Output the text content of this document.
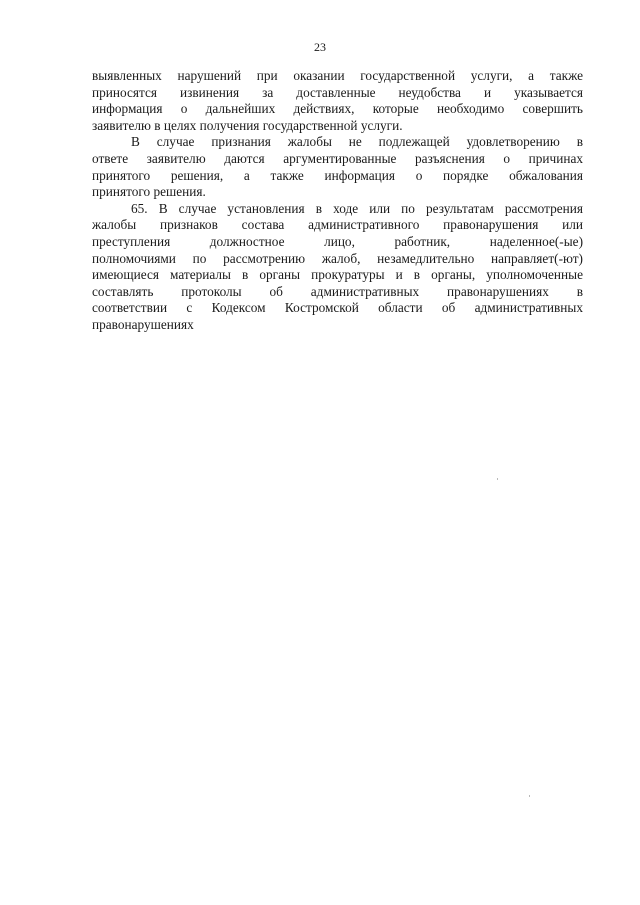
23

выявленных нарушений при оказании государственной услуги, а также
приносятся извинения за доставленные неудобства и указывается
информация о дальнейших действиях, которые необходимо совершить
заявителю в целях получения государственной услуги.

В случае признания жалобы не подлежащей удовлетворению в
ответе заявителю даются аргументированные разъяснения о причинах
принятого решения, а также информация о порядке обжалования
принятого решения.

65. В случае установления в ходе или по результатам рассмотрения
жалобы признаков состава административного правонарушения или
преступления должностное лицо, работник, наделенное(-ые)
полномочиями по рассмотрению жалоб, незамедлительно направляет(-ют)
имеющиеся материалы в органы прокуратуры и в органы, уполномоченные
составлять протоколы об административных правонарушениях в
соответствии с Кодексом Костромской области об административных
правонарушениях
